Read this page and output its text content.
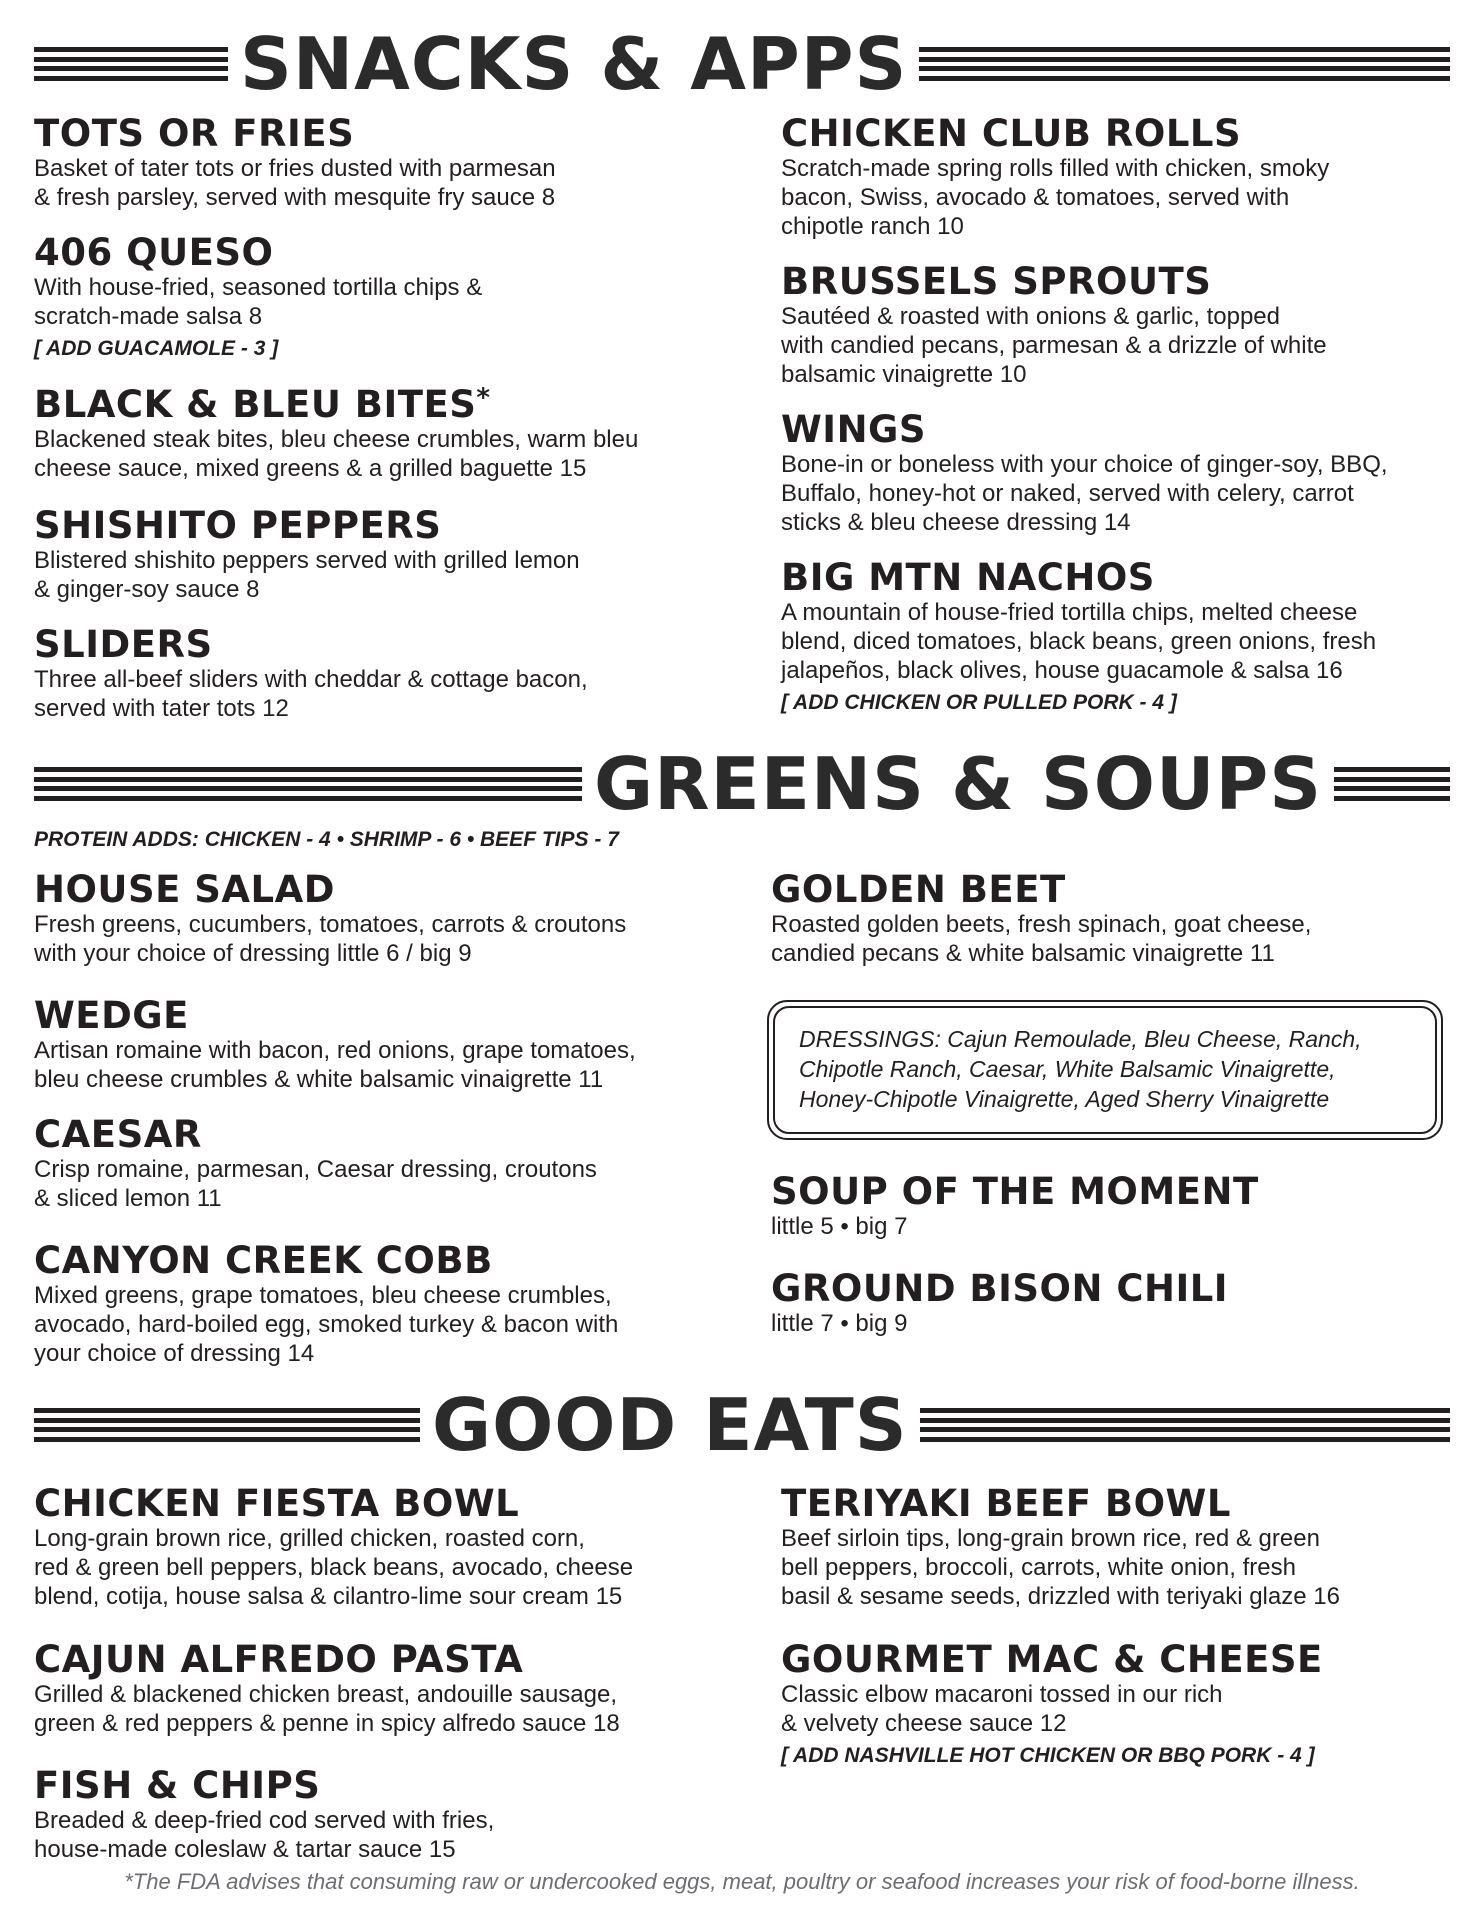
SNACKS & APPS
TOTS OR FRIES
Basket of tater tots or fries dusted with parmesan
& fresh parsley, served with mesquite fry sauce 8
406 QUESO
With house-fried, seasoned tortilla chips &
scratch-made salsa 8
[ ADD GUACAMOLE - 3 ]
BLACK & BLEU BITES*
Blackened steak bites, bleu cheese crumbles, warm bleu
cheese sauce, mixed greens & a grilled baguette 15
SHISHITO PEPPERS
Blistered shishito peppers served with grilled lemon
& ginger-soy sauce 8
SLIDERS
Three all-beef sliders with cheddar & cottage bacon,
served with tater tots 12
CHICKEN CLUB ROLLS
Scratch-made spring rolls filled with chicken, smoky
bacon, Swiss, avocado & tomatoes, served with
chipotle ranch 10
BRUSSELS SPROUTS
Sautéed & roasted with onions & garlic, topped
with candied pecans, parmesan & a drizzle of white
balsamic vinaigrette 10
WINGS
Bone-in or boneless with your choice of ginger-soy, BBQ,
Buffalo, honey-hot or naked, served with celery, carrot
sticks & bleu cheese dressing 14
BIG MTN NACHOS
A mountain of house-fried tortilla chips, melted cheese
blend, diced tomatoes, black beans, green onions, fresh
jalapeños, black olives, house guacamole & salsa 16
[ ADD CHICKEN OR PULLED PORK - 4 ]
GREENS & SOUPS
PROTEIN ADDS: CHICKEN - 4 • SHRIMP - 6 • BEEF TIPS - 7
HOUSE SALAD
Fresh greens, cucumbers, tomatoes, carrots & croutons
with your choice of dressing little 6 / big 9
WEDGE
Artisan romaine with bacon, red onions, grape tomatoes,
bleu cheese crumbles & white balsamic vinaigrette 11
CAESAR
Crisp romaine, parmesan, Caesar dressing, croutons
& sliced lemon 11
CANYON CREEK COBB
Mixed greens, grape tomatoes, bleu cheese crumbles,
avocado, hard-boiled egg, smoked turkey & bacon with
your choice of dressing 14
GOLDEN BEET
Roasted golden beets, fresh spinach, goat cheese,
candied pecans & white balsamic vinaigrette 11
DRESSINGS: Cajun Remoulade, Bleu Cheese, Ranch,
Chipotle Ranch, Caesar, White Balsamic Vinaigrette,
Honey-Chipotle Vinaigrette, Aged Sherry Vinaigrette
SOUP OF THE MOMENT
little 5 • big 7
GROUND BISON CHILI
little 7 • big 9
GOOD EATS
CHICKEN FIESTA BOWL
Long-grain brown rice, grilled chicken, roasted corn,
red & green bell peppers, black beans, avocado, cheese
blend, cotija, house salsa & cilantro-lime sour cream 15
CAJUN ALFREDO PASTA
Grilled & blackened chicken breast, andouille sausage,
green & red peppers & penne in spicy alfredo sauce 18
FISH & CHIPS
Breaded & deep-fried cod served with fries,
house-made coleslaw & tartar sauce 15
TERIYAKI BEEF BOWL
Beef sirloin tips, long-grain brown rice, red & green
bell peppers, broccoli, carrots, white onion, fresh
basil & sesame seeds, drizzled with teriyaki glaze 16
GOURMET MAC & CHEESE
Classic elbow macaroni tossed in our rich
& velvety cheese sauce 12
[ ADD NASHVILLE HOT CHICKEN OR BBQ PORK - 4 ]
*The FDA advises that consuming raw or undercooked eggs, meat, poultry or seafood increases your risk of food-borne illness.
